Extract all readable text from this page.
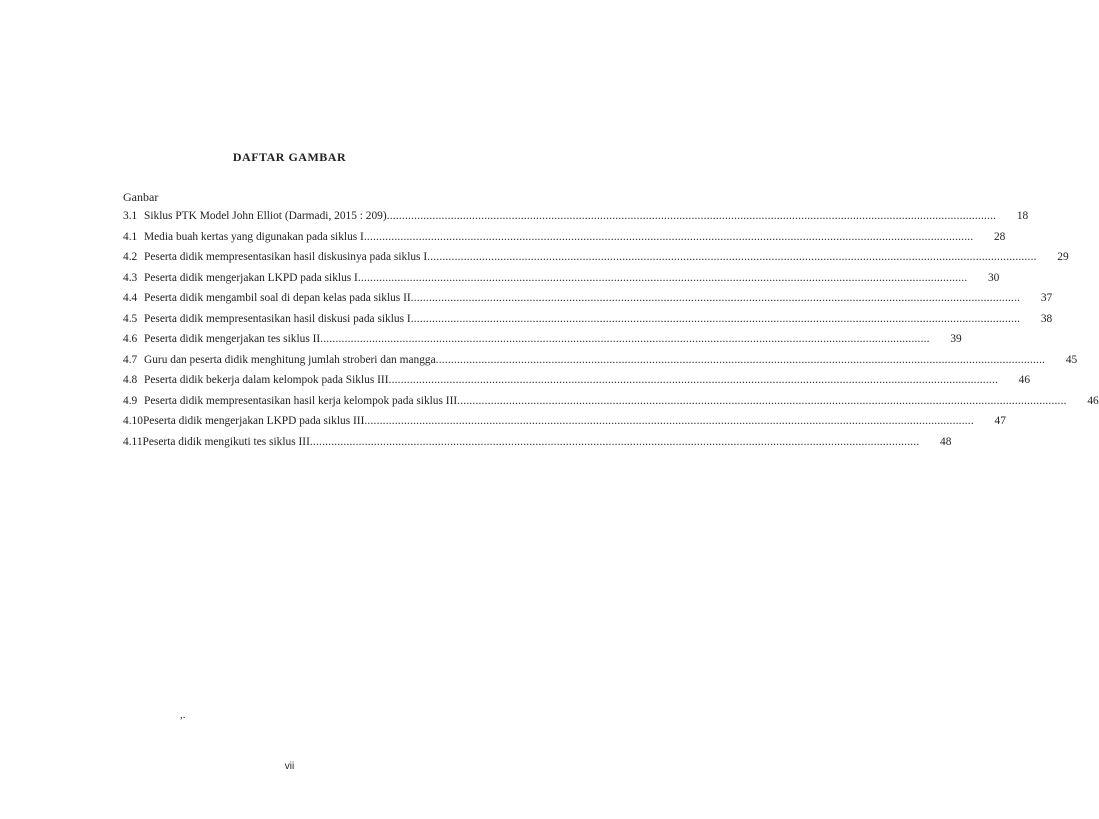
DAFTAR GAMBAR
Ganbar
3.1 Siklus PTK Model John Elliot (Darmadi, 2015 : 209) ........................................................................................................................................................................................................	18
4.1 Media buah kertas yang digunakan pada siklus I ........................................................................................................................................................................................................	28
4.2 Peserta didik mempresentasikan hasil diskusinya pada siklus I ........................................................................................................................................................................................................	29
4.3 Peserta didik mengerjakan LKPD pada siklus I ........................................................................................................................................................................................................	30
4.4 Peserta didik mengambil soal di depan kelas pada siklus II ........................................................................................................................................................................................................	37
4.5 Peserta didik mempresentasikan hasil diskusi pada siklus I ........................................................................................................................................................................................................	38
4.6 Peserta didik mengerjakan tes siklus II ........................................................................................................................................................................................................	39
4.7 Guru dan peserta didik menghitung jumlah stroberi dan mangga ........................................................................................................................................................................................................	45
4.8 Peserta didik bekerja dalam kelompok pada Siklus III ........................................................................................................................................................................................................	46
4.9 Peserta didik mempresentasikan hasil kerja kelompok pada siklus III ........................................................................................................................................................................................................	46
4.10 Peserta didik mengerjakan LKPD pada siklus III ........................................................................................................................................................................................................	47
4.11 Peserta didik mengikuti tes siklus III ........................................................................................................................................................................................................	48
,.
vii
